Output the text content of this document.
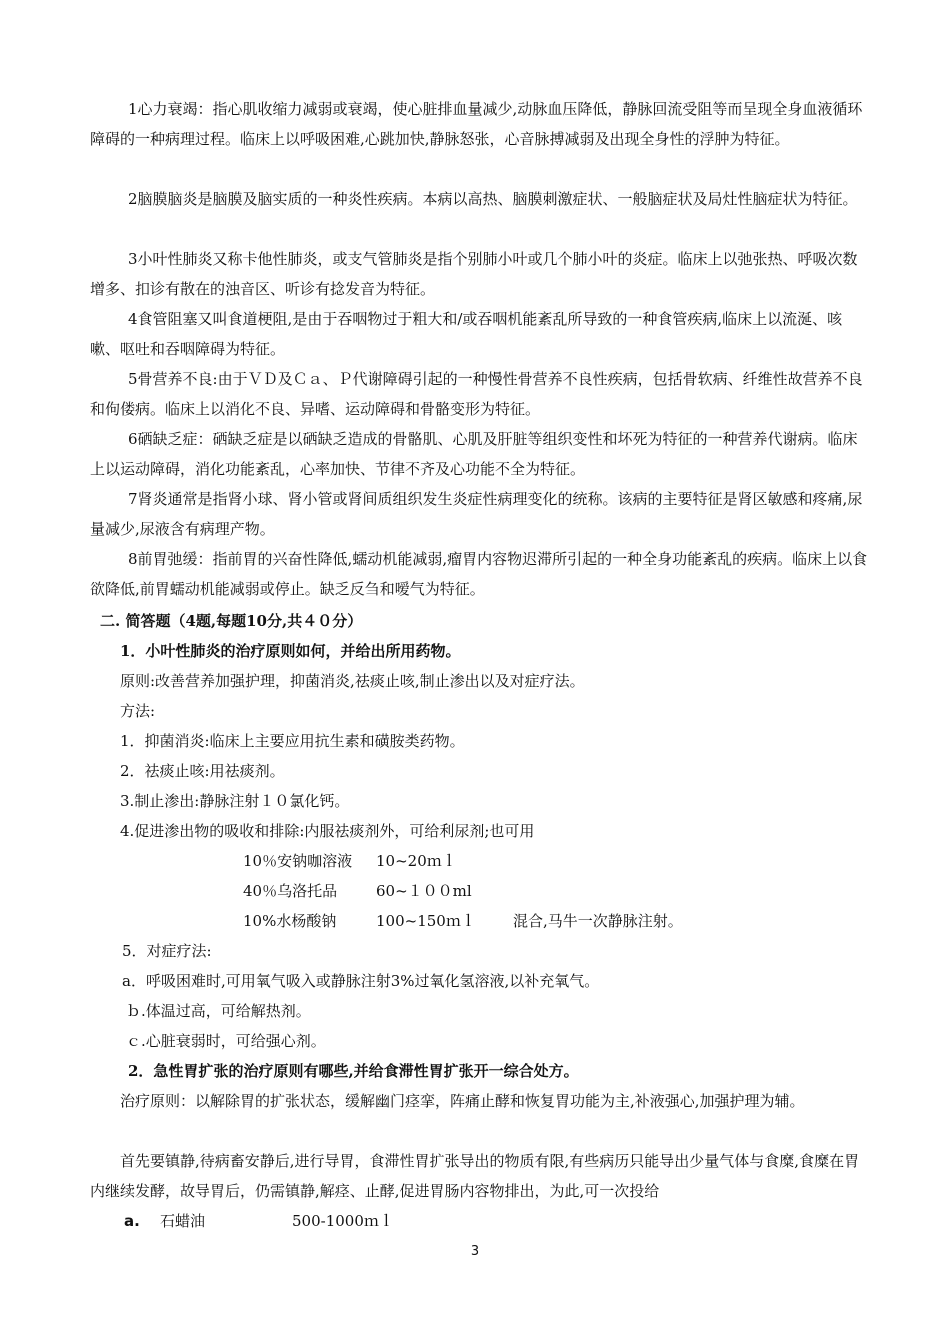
1心力衰竭：指心肌收缩力减弱或衰竭，使心脏排血量减少,动脉血压降低，静脉回流受阻等而呈现全身血液循环障碍的一种病理过程。临床上以呼吸困难,心跳加快,静脉怒张，心音脉搏减弱及出现全身性的浮肿为特征。

2脑膜脑炎是脑膜及脑实质的一种炎性疾病。本病以高热、脑膜刺激症状、一般脑症状及局灶性脑症状为特征。

3小叶性肺炎又称卡他性肺炎，或支气管肺炎是指个别肺小叶或几个肺小叶的炎症。临床上以弛张热、呼吸次数增多、扣诊有散在的浊音区、听诊有捻发音为特征。

4食管阻塞又叫食道梗阻,是由于吞咽物过于粗大和/或吞咽机能紊乱所导致的一种食管疾病,临床上以流涎、咳嗽、呕吐和吞咽障碍为特征。

5骨营养不良:由于ＶＤ及Ｃａ、Ｐ代谢障碍引起的一种慢性骨营养不良性疾病，包括骨软病、纤维性故营养不良和佝偻病。临床上以消化不良、异嗜、运动障碍和骨骼变形为特征。

6硒缺乏症：硒缺乏症是以硒缺乏造成的骨骼肌、心肌及肝脏等组织变性和坏死为特征的一种营养代谢病。临床上以运动障碍，消化功能紊乱，心率加快、节律不齐及心功能不全为特征。

7肾炎通常是指肾小球、肾小管或肾间质组织发生炎症性病理变化的统称。该病的主要特征是肾区敏感和疼痛,尿量减少,尿液含有病理产物。

8前胃弛缓：指前胃的兴奋性降低,蠕动机能减弱,瘤胃内容物迟滞所引起的一种全身功能紊乱的疾病。临床上以食欲降低,前胃蠕动机能减弱或停止。缺乏反刍和嗳气为特征。

二. 简答题（4题,每题10分,共４０分）

1．小叶性肺炎的治疗原则如何，并给出所用药物。

原则:改善营养加强护理，抑菌消炎,祛痰止咳,制止渗出以及对症疗法。

方法:

1．抑菌消炎:临床上主要应用抗生素和磺胺类药物。

2．祛痰止咳:用祛痰剂。

3.制止渗出:静脉注射１０氯化钙。

4.促进渗出物的吸收和排除:内服祛痰剂外，可给利尿剂;也可用

10％安钠咖溶液 10~20ｍｌ
40％乌洛托品	60~１００ml
10%水杨酸钠	100~150ｍｌ 混合,马牛一次静脉注射。

5．对症疗法:

a．呼吸困难时,可用氧气吸入或静脉注射3%过氧化氢溶液,以补充氧气。

ｂ.体温过高，可给解热剂。

ｃ.心脏衰弱时，可给强心剂。

2．急性胃扩张的治疗原则有哪些,并给食滞性胃扩张开一综合处方。

治疗原则：以解除胃的扩张状态，缓解幽门痉挛，阵痛止酵和恢复胃功能为主,补液强心,加强护理为辅。

首先要镇静,待病畜安静后,进行导胃，食滞性胃扩张导出的物质有限,有些病历只能导出少量气体与食糜,食糜在胃内继续发酵，故导胃后，仍需镇静,解痉、止酵,促进胃肠内容物排出，为此,可一次投给

a. 石蜡油	500-1000ｍｌ
3
